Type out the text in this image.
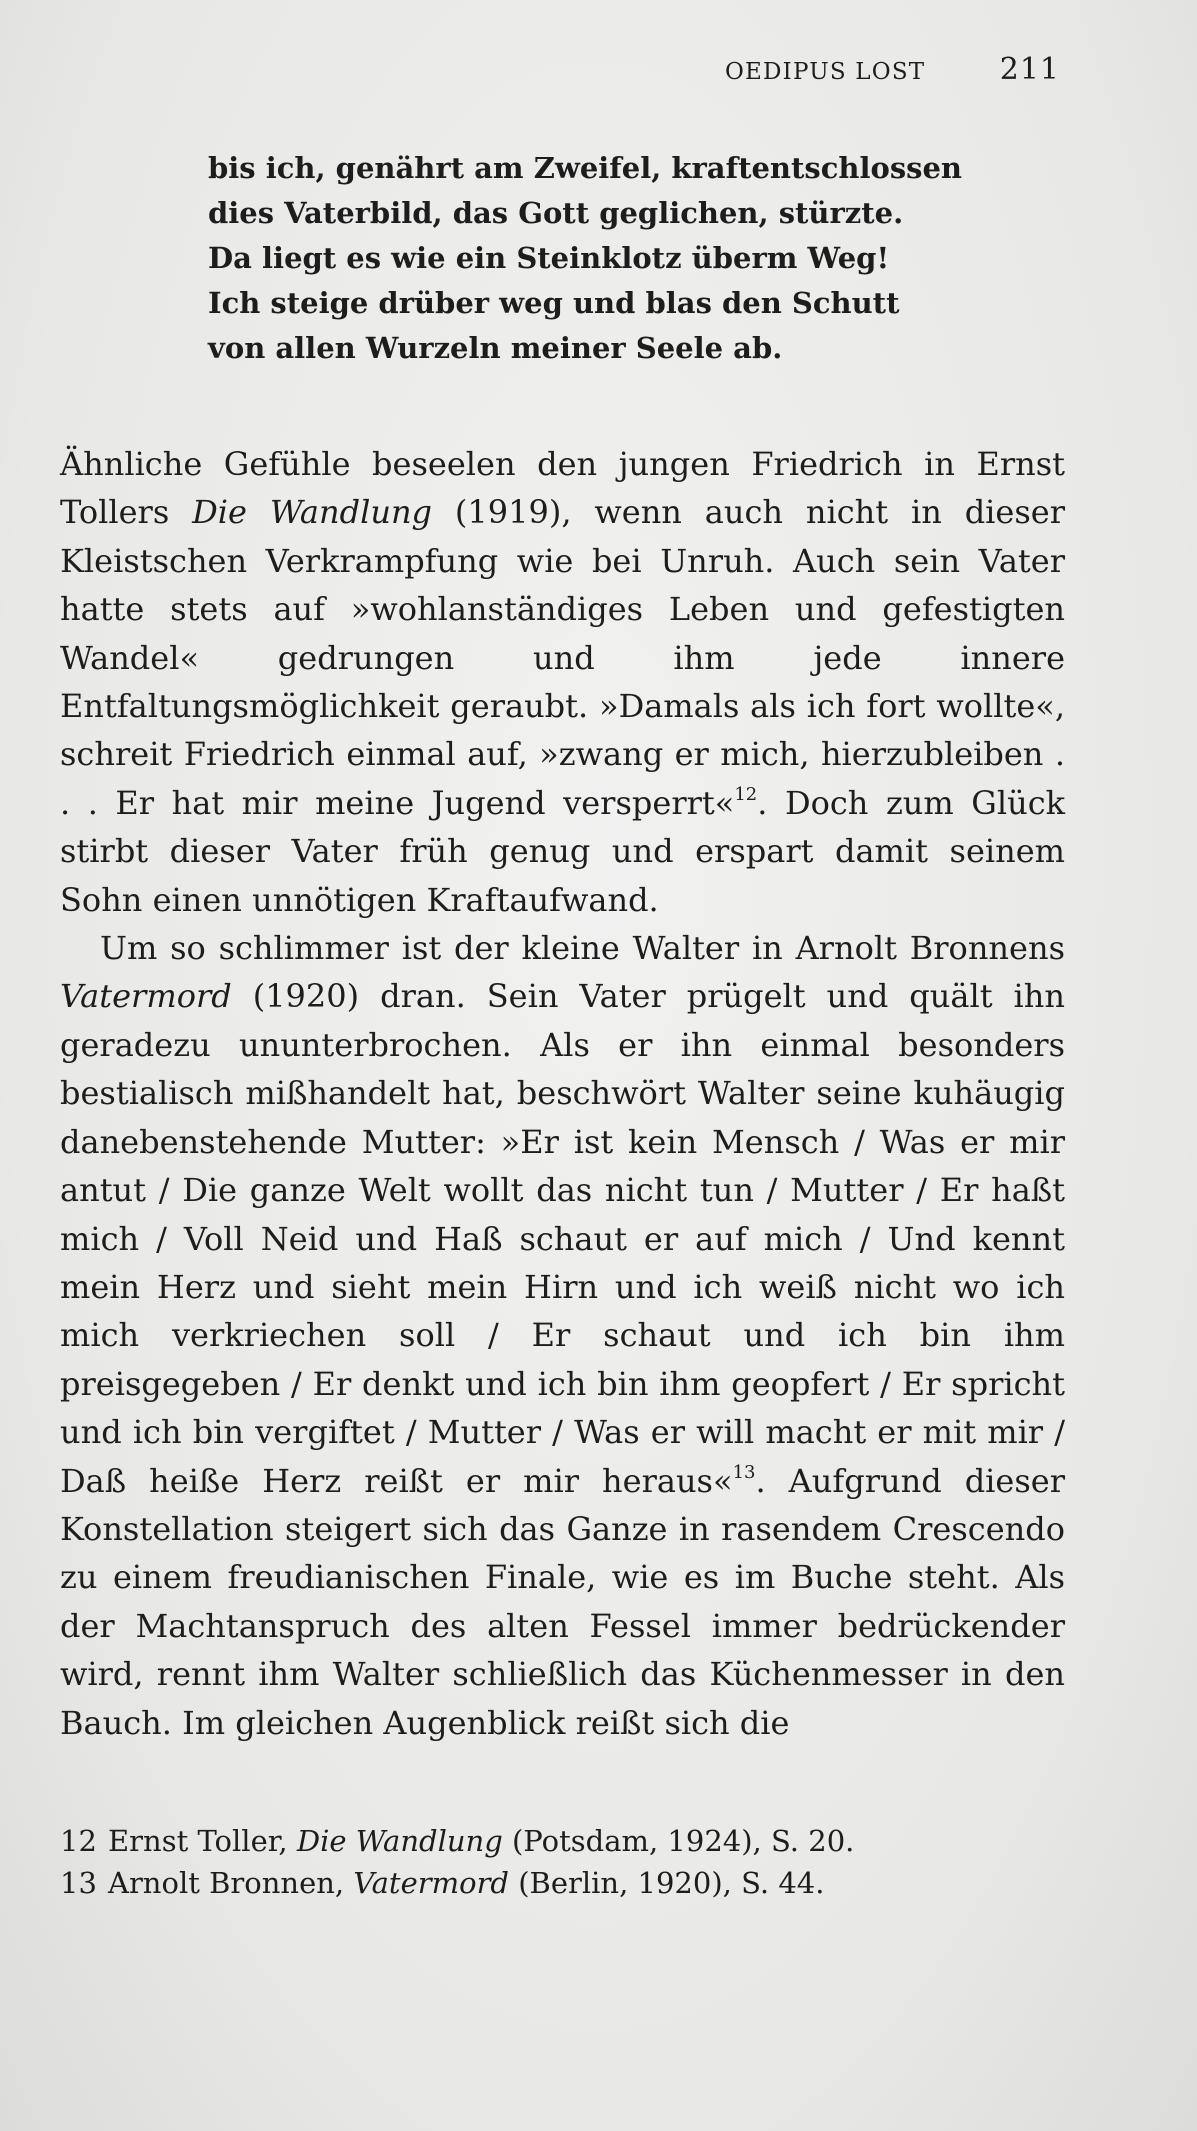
OEDIPUS LOST 211
bis ich, genährt am Zweifel, kraftentschlossen
dies Vaterbild, das Gott geglichen, stürzte.
Da liegt es wie ein Steinklotz überm Weg!
Ich steige drüber weg und blas den Schutt
von allen Wurzeln meiner Seele ab.

Ähnliche Gefühle beseelen den jungen Friedrich in Ernst Tollers Die Wandlung (1919), wenn auch nicht in dieser Kleistschen Verkrampfung wie bei Unruh. Auch sein Vater hatte stets auf »wohlanständiges Leben und gefestigten Wandel« gedrungen und ihm jede innere Entfaltungsmöglichkeit geraubt. »Damals als ich fort wollte«, schreit Friedrich einmal auf, »zwang er mich, hierzubleiben . . . Er hat mir meine Jugend versperrt«$^{12}$. Doch zum Glück stirbt dieser Vater früh genug und erspart damit seinem Sohn einen unnötigen Kraftaufwand.

Um so schlimmer ist der kleine Walter in Arnolt Bronnens Vatermord (1920) dran. Sein Vater prügelt und quält ihn geradezu ununterbrochen. Als er ihn einmal besonders bestialisch mißhandelt hat, beschwört Walter seine kuhäugig danebenstehende Mutter: »Er ist kein Mensch / Was er mir antut / Die ganze Welt wollt das nicht tun / Mutter / Er haßt mich / Voll Neid und Haß schaut er auf mich / Und kennt mein Herz und sieht mein Hirn und ich weiß nicht wo ich mich verkriechen soll / Er schaut und ich bin ihm preisgegeben / Er denkt und ich bin ihm geopfert / Er spricht und ich bin vergiftet / Mutter / Was er will macht er mit mir / Daß heiße Herz reißt er mir heraus«$^{13}$. Aufgrund dieser Konstellation steigert sich das Ganze in rasendem Crescendo zu einem freudianischen Finale, wie es im Buche steht. Als der Machtanspruch des alten Fessel immer bedrückender wird, rennt ihm Walter schließlich das Küchenmesser in den Bauch. Im gleichen Augenblick reißt sich die

12 Ernst Toller, Die Wandlung (Potsdam, 1924), S. 20.
13 Arnolt Bronnen, Vatermord (Berlin, 1920), S. 44.
